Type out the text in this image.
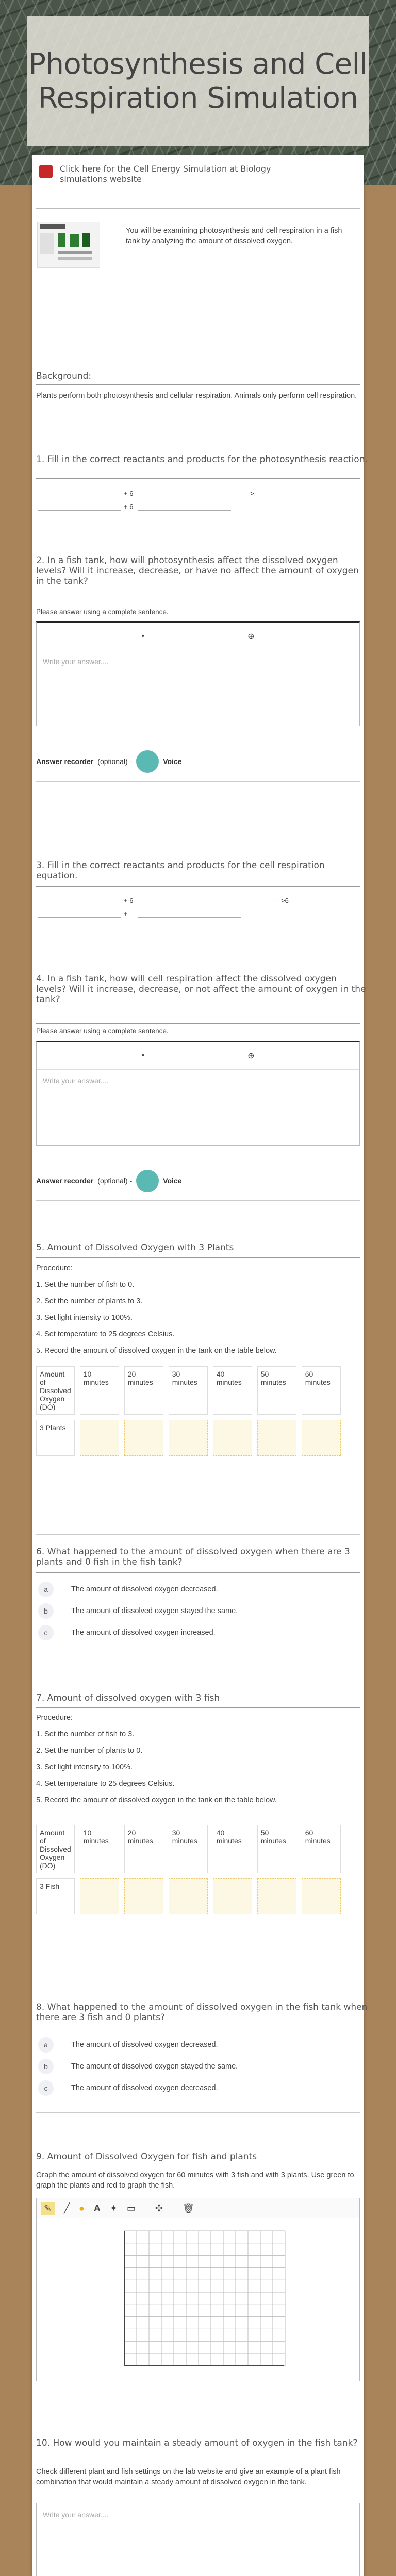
Photosynthesis and Cell Respiration Simulation
Click here for the Cell Energy Simulation at Biology simulations website
You will be examining photosynthesis and cell respiration in a fish tank by analyzing the amount of dissolved oxygen.
Background:
Plants perform both photosynthesis and cellular respiration. Animals only perform cell respiration.
1. Fill in the correct reactants and products for the photosynthesis reaction.
+ 6	--->
+ 6
2. In a fish tank, how will photosynthesis affect the dissolved oxygen levels? Will it increase, decrease, or have no affect the amount of oxygen in the tank?
Please answer using a complete sentence.
•	⊕
Write your answer....
Answer recorder (optional) -	Voice
3. Fill in the correct reactants and products for the cell respiration equation.
+ 6	--->6
+
4. In a fish tank, how will cell respiration affect the dissolved oxygen levels? Will it increase, decrease, or not affect the amount of oxygen in the tank?
Please answer using a complete sentence.
•	⊕
Write your answer....
Answer recorder (optional) -	Voice
5. Amount of Dissolved Oxygen with 3 Plants
Procedure:
1. Set the number of fish to 0.
2. Set the number of plants to 3.
3. Set light intensity to 100%.
4. Set temperature to 25 degrees Celsius.
5. Record the amount of dissolved oxygen in the tank on the table below.
Amount of Dissolved Oxygen (DO)	10 minutes	20 minutes	30 minutes	40 minutes	50 minutes	60 minutes
3 Plants						
6. What happened to the amount of dissolved oxygen when there are 3 plants and 0 fish in the fish tank?
a	The amount of dissolved oxygen decreased.
b	The amount of dissolved oxygen stayed the same.
c	The amount of dissolved oxygen increased.
7. Amount of dissolved oxygen with 3 fish
Procedure:
1. Set the number of fish to 3.
2. Set the number of plants to 0.
3. Set light intensity to 100%.
4. Set temperature to 25 degrees Celsius.
5. Record the amount of dissolved oxygen in the tank on the table below.
Amount of Dissolved Oxygen (DO)	10 minutes	20 minutes	30 minutes	40 minutes	50 minutes	60 minutes
3 Fish						
8. What happened to the amount of dissolved oxygen in the fish tank when there are 3 fish and 0 plants?
a	The amount of dissolved oxygen decreased.
b	The amount of dissolved oxygen stayed the same.
c	The amount of dissolved oxygen decreased.
9. Amount of Dissolved Oxygen for fish and plants
Graph the amount of dissolved oxygen for 60 minutes with 3 fish and with 3 plants. Use green to graph the plants and red to graph the fish.
✎	╱ ● A ✦ ▭ ✣ 🗑
10. How would you maintain a steady amount of oxygen in the fish tank?
Check different plant and fish settings on the lab website and give an example of a plant fish combination that would maintain a steady amount of dissolved oxygen in the tank.
Write your answer....
